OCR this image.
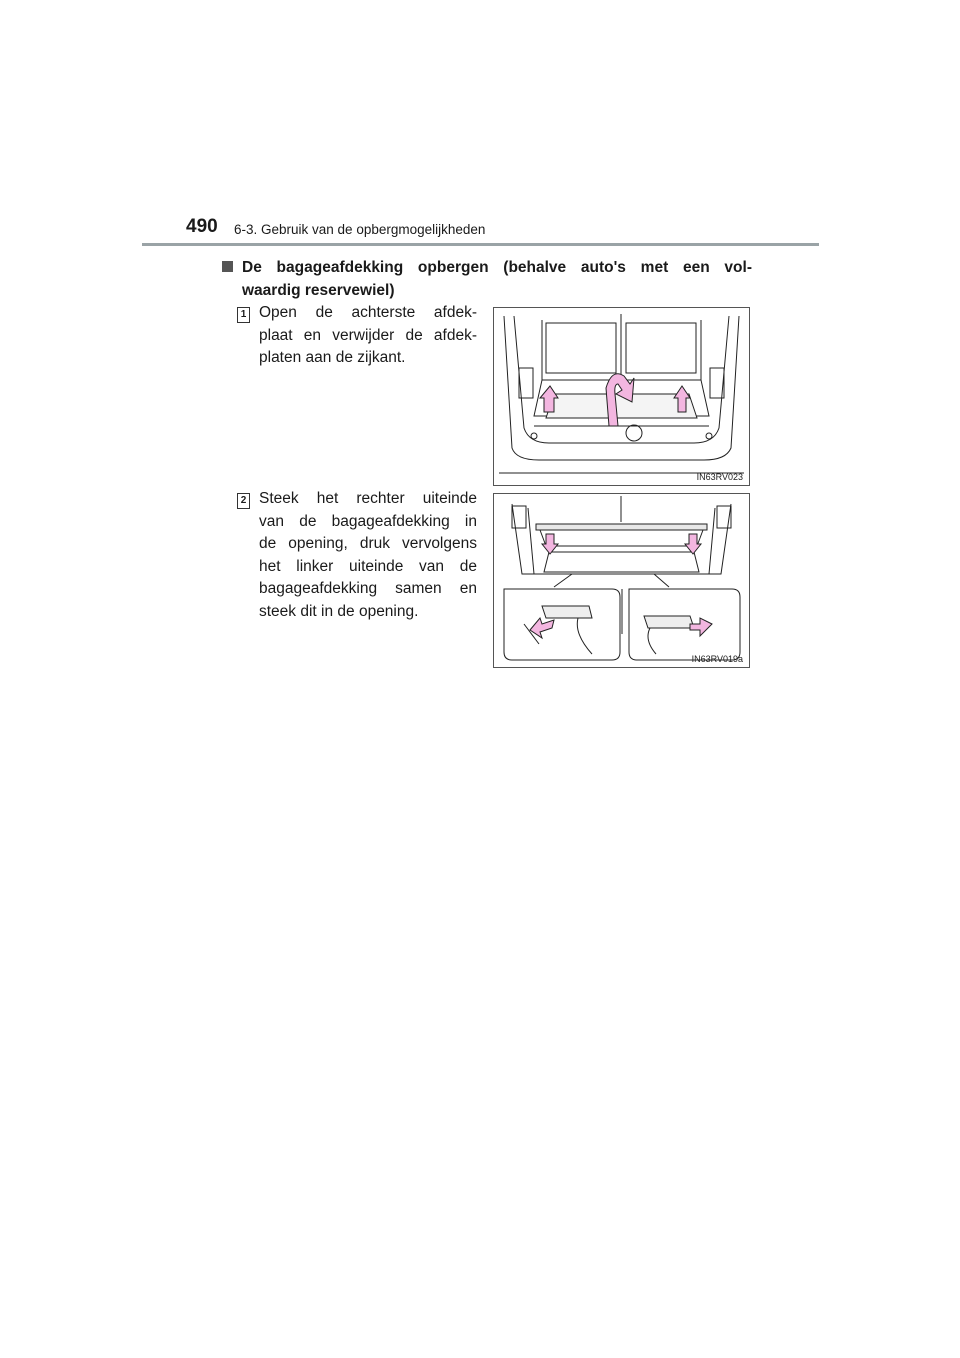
490 6-3. Gebruik van de opbergmogelijkheden
De bagageafdekking opbergen (behalve auto's met een vol-
waardig reservewiel)
1 Open de achterste afdek-
plaat en verwijder de afdek-
platen aan de zijkant.
IN63RV023
2 Steek het rechter uiteinde
van de bagageafdekking in
de opening, druk vervolgens
het linker uiteinde van de
bagageafdekking samen en
steek dit in de opening.
IN63RV019a
